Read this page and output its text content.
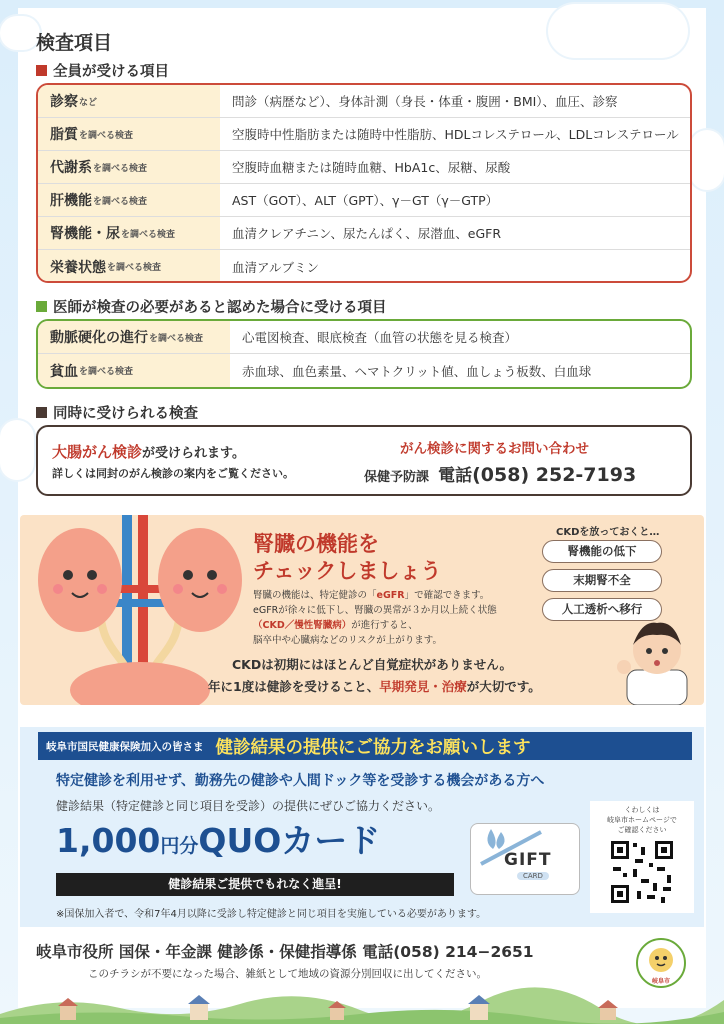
検査項目
全員が受ける項目
診察 など	問診（病歴など）、身体計測（身長・体重・腹囲・BMI）、血圧、診察
脂質 を調べる検査	空腹時中性脂肪または随時中性脂肪、HDLコレステロール、LDLコレステロール
代謝系 を調べる検査	空腹時血糖または随時血糖、HbA1c、尿糖、尿酸
肝機能 を調べる検査	AST（GOT）、ALT（GPT）、γ－GT（γ－GTP）
腎機能・尿 を調べる検査	血清クレアチニン、尿たんぱく、尿潜血、eGFR
栄養状態 を調べる検査	血清アルブミン
医師が検査の必要があると認めた場合に受ける項目
動脈硬化の進行 を調べる検査	心電図検査、眼底検査（血管の状態を見る検査）
貧血 を調べる検査	赤血球、血色素量、ヘマトクリット値、血しょう板数、白血球
同時に受けられる検査
大腸がん検診が受けられます。
詳しくは同封のがん検診の案内をご覧ください。
がん検診に関するお問い合わせ
保健予防課 電話(058) 252-7193
腎臓の機能を
チェックしましょう
腎臓の機能は、特定健診の「eGFR」で確認できます。
eGFRが徐々に低下し、腎臓の異常が３か月以上続く状態
（CKD／慢性腎臓病）が進行すると、
脳卒中や心臓病などのリスクが上がります。
CKDは初期にはほとんど自覚症状がありません。
年に1度は健診を受けること、早期発見・治療が大切です。
CKDを放っておくと…
腎機能の低下
末期腎不全
人工透析へ移行
岐阜市国民健康保険加入の皆さま 健診結果の提供にご協力をお願いします
特定健診を利用せず、勤務先の健診や人間ドック等を受診する機会がある方へ
健診結果（特定健診と同じ項目を受診）の提供にぜひご協力ください。
1,000円分QUOカード
健診結果ご提供でもれなく進呈!
GIFT
CARD
くわしくは
岐阜市ホームページで
ご確認ください
※国保加入者で、令和7年4月以降に受診し特定健診と同じ項目を実施している必要があります。
岐阜市役所 国保・年金課 健診係・保健指導係 電話(058) 214−2651
このチラシが不要になった場合、雑紙として地域の資源分別回収に出してください。
岐阜市
